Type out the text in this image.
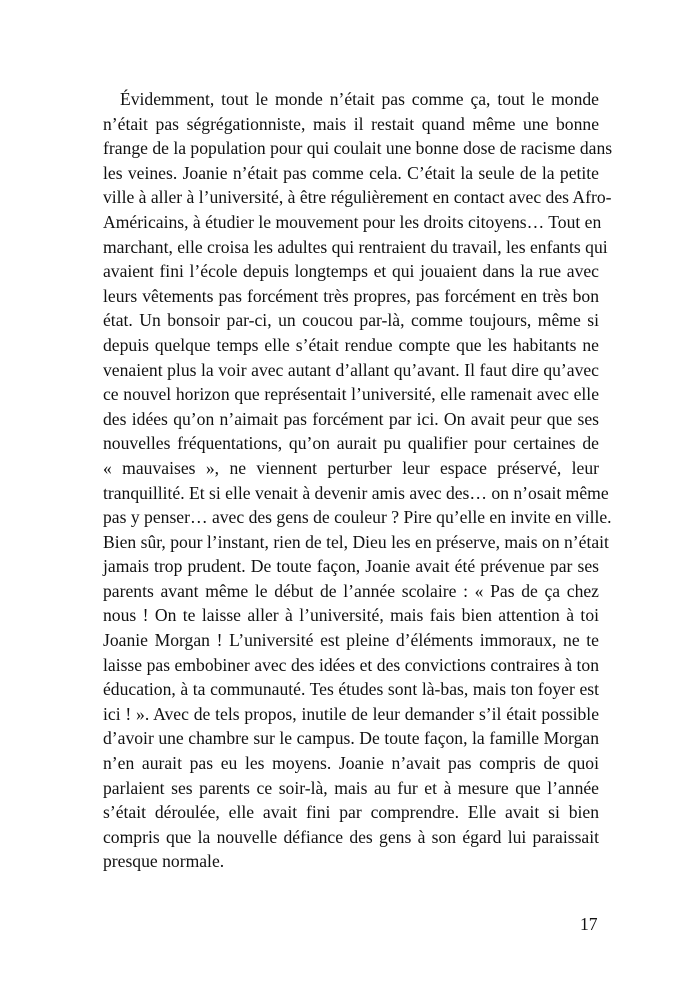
Évidemment, tout le monde n’était pas comme ça, tout le monde
n’était pas ségrégationniste, mais il restait quand même une bonne
frange de la population pour qui coulait une bonne dose de racisme dans
les veines. Joanie n’était pas comme cela. C’était la seule de la petite
ville à aller à l’université, à être régulièrement en contact avec des Afro-
Américains, à étudier le mouvement pour les droits citoyens… Tout en
marchant, elle croisa les adultes qui rentraient du travail, les enfants qui
avaient fini l’école depuis longtemps et qui jouaient dans la rue avec
leurs vêtements pas forcément très propres, pas forcément en très bon
état. Un bonsoir par-ci, un coucou par-là, comme toujours, même si
depuis quelque temps elle s’était rendue compte que les habitants ne
venaient plus la voir avec autant d’allant qu’avant. Il faut dire qu’avec
ce nouvel horizon que représentait l’université, elle ramenait avec elle
des idées qu’on n’aimait pas forcément par ici. On avait peur que ses
nouvelles fréquentations, qu’on aurait pu qualifier pour certaines de
« mauvaises », ne viennent perturber leur espace préservé, leur
tranquillité. Et si elle venait à devenir amis avec des… on n’osait même
pas y penser… avec des gens de couleur ? Pire qu’elle en invite en ville.
Bien sûr, pour l’instant, rien de tel, Dieu les en préserve, mais on n’était
jamais trop prudent. De toute façon, Joanie avait été prévenue par ses
parents avant même le début de l’année scolaire : « Pas de ça chez
nous ! On te laisse aller à l’université, mais fais bien attention à toi
Joanie Morgan ! L’université est pleine d’éléments immoraux, ne te
laisse pas embobiner avec des idées et des convictions contraires à ton
éducation, à ta communauté. Tes études sont là-bas, mais ton foyer est
ici ! ». Avec de tels propos, inutile de leur demander s’il était possible
d’avoir une chambre sur le campus. De toute façon, la famille Morgan
n’en aurait pas eu les moyens. Joanie n’avait pas compris de quoi
parlaient ses parents ce soir-là, mais au fur et à mesure que l’année
s’était déroulée, elle avait fini par comprendre. Elle avait si bien
compris que la nouvelle défiance des gens à son égard lui paraissait
presque normale.
17
